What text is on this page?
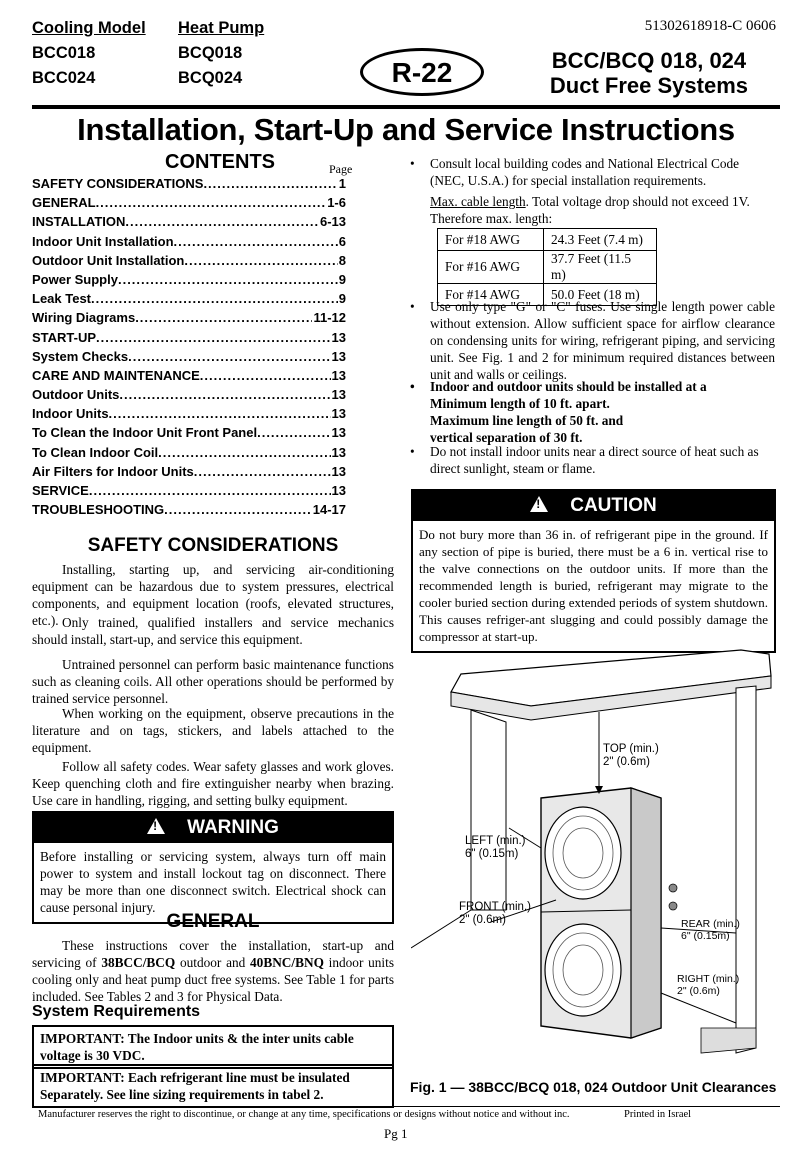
Cooling Model
BCC018
BCC024
Heat Pump
BCQ018
BCQ024
51302618918-C 0606
R-22	BCC/BCQ 018, 024
Duct Free Systems
Installation, Start-Up and Service Instructions
CONTENTS	Page
SAFETY CONSIDERATIONS .....	1
GENERAL .....	1-6
INSTALLATION .....	6-13
Indoor Unit Installation .....	6
Outdoor Unit Installation .....	8
Power Supply .....	9
Leak Test .....	9
Wiring Diagrams .....	11-12
START-UP .....	13
System Checks .....	13
CARE AND MAINTENANCE .....	13
Outdoor Units .....	13
Indoor Units .....	13
To Clean the Indoor Unit Front Panel .....	13
To Clean Indoor Coil .....	13
Air Filters for Indoor Units .....	13
SERVICE .....	13
TROUBLESHOOTING .....	14-17
SAFETY CONSIDERATIONS
Installing, starting up, and servicing air-conditioning equipment can be hazardous due to system pressures, electrical components, and equipment location (roofs, elevated structures, etc.). Only trained, qualified installers and service mechanics should install, start-up, and service this equipment.
Untrained personnel can perform basic maintenance functions such as cleaning coils. All other operations should be performed by trained service personnel.
When working on the equipment, observe precautions in the literature and on tags, stickers, and labels attached to the equipment.
Follow all safety codes. Wear safety glasses and work gloves. Keep quenching cloth and fire extinguisher nearby when brazing. Use care in handling, rigging, and setting bulky equipment.
!WARNING
Before installing or servicing system, always turn off main power to system and install lockout tag on disconnect. There may be more than one disconnect switch. Electrical shock can cause personal injury.
GENERAL
These instructions cover the installation, start-up and servicing of 38BCC/BCQ outdoor and 40BNC/BNQ indoor units cooling only and heat pump duct free systems. See Table 1 for parts included. See Tables 2 and 3 for Physical Data.
System Requirements
IMPORTANT: The Indoor units & the inter units cable voltage is 30 VDC.
IMPORTANT: Each refrigerant line must be insulated Separately. See line sizing requirements in tabel 2.
• Consult local building codes and National Electrical Code (NEC, U.S.A.) for special installation requirements.
Max. cable length. Total voltage drop should not exceed 1V. Therefore max. length:
For #18 AWG	24.3 Feet (7.4 m)
For #16 AWG	37.7 Feet (11.5 m)
For #14 AWG	50.0 Feet (18 m)
• Use only type "G" or "C" fuses. Use single length power cable without extension. Allow sufficient space for airflow clearance on condensing units for wiring, refrigerant piping, and servicing unit. See Fig. 1 and 2 for minimum required distances between unit and walls or ceilings.
• Indoor and outdoor units should be installed at a
Minimum length of 10 ft. apart.
Maximum line length of 50 ft. and
vertical separation of 30 ft.
• Do not install indoor units near a direct source of heat such as direct sunlight, steam or flame.
!CAUTION
Do not bury more than 36 in. of refrigerant pipe in the ground. If any section of pipe is buried, there must be a 6 in. vertical rise to the valve connections on the outdoor units. If more than the recommended length is buried, refrigerant may migrate to the cooler buried section during extended periods of system shutdown. This causes refriger-ant slugging and could possibly damage the compressor at start-up.
TOP (min.)
2" (0.6m)
LEFT (min.)
6" (0.15m)
FRONT (min.)
2" (0.6m)	REAR (min.)
6" (0.15m)
RIGHT (min.)
2" (0.6m)
Fig. 1 — 38BCC/BCQ 018, 024 Outdoor Unit Clearances
Manufacturer reserves the right to discontinue, or change at any time, specifications or designs without notice and without inc.	Printed in Israel
Pg 1
